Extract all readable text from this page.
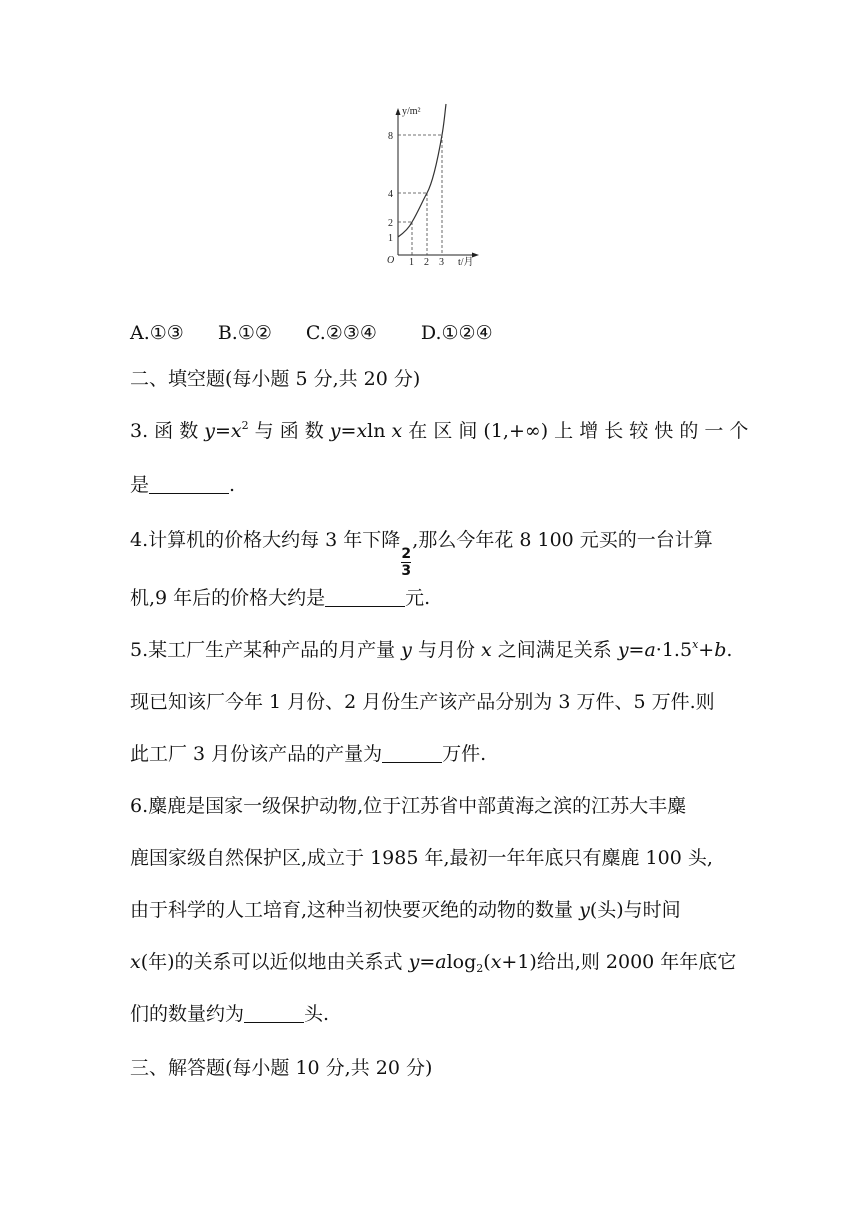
y/m²
t/月
O
1
2
4
8
1 2 3
A.①③ B.①② C.②③④ D.①②④
二、填空题(每小题 5 分,共 20 分)
3. 函 数 $y=x^2$ 与 函 数 y=xln x 在 区 间 (1,+∞) 上 增 长 较 快 的 一 个
是	.
4.计算机的价格大约每 3 年下降
$\frac{2}{3}$
,那么今年花 8 100 元买的一台计算
机,9 年后的价格大约是	元.
5.某工厂生产某种产品的月产量 y 与月份 x 之间满足关系 $y=a\cdot 1.5^x+b$.
现已知该厂今年 1 月份、2 月份生产该产品分别为 3 万件、5 万件.则
此工厂 3 月份该产品的产量为	万件.
6.麋鹿是国家一级保护动物,位于江苏省中部黄海之滨的江苏大丰麋
鹿国家级自然保护区,成立于 1985 年,最初一年年底只有麋鹿 100 头,
由于科学的人工培育,这种当初快要灭绝的动物的数量 y(头)与时间
x(年)的关系可以近似地由关系式 y=alog$_2$(x+1)给出,则 2000 年年底它
们的数量约为	头.
三、解答题(每小题 10 分,共 20 分)
